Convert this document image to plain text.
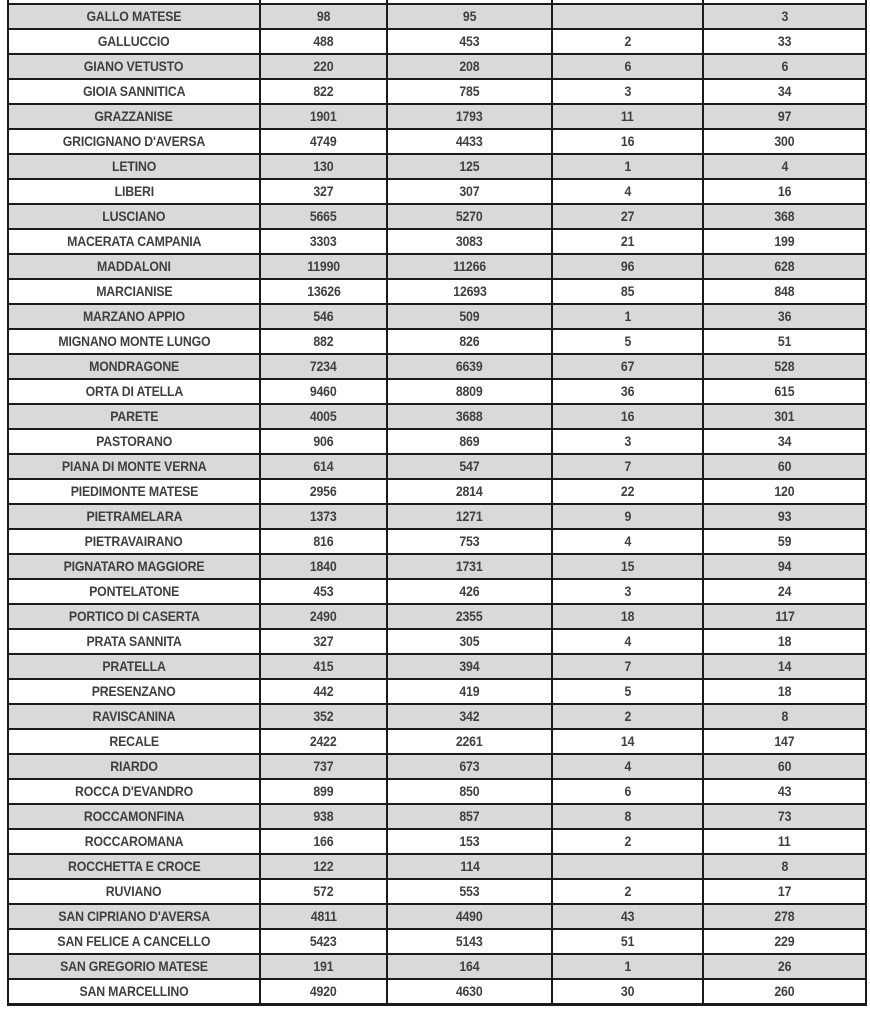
GALLO MATESE	98	95		3
GALLUCCIO	488	453	2	33
GIANO VETUSTO	220	208	6	6
GIOIA SANNITICA	822	785	3	34
GRAZZANISE	1901	1793	11	97
GRICIGNANO D'AVERSA	4749	4433	16	300
LETINO	130	125	1	4
LIBERI	327	307	4	16
LUSCIANO	5665	5270	27	368
MACERATA CAMPANIA	3303	3083	21	199
MADDALONI	11990	11266	96	628
MARCIANISE	13626	12693	85	848
MARZANO APPIO	546	509	1	36
MIGNANO MONTE LUNGO	882	826	5	51
MONDRAGONE	7234	6639	67	528
ORTA DI ATELLA	9460	8809	36	615
PARETE	4005	3688	16	301
PASTORANO	906	869	3	34
PIANA DI MONTE VERNA	614	547	7	60
PIEDIMONTE MATESE	2956	2814	22	120
PIETRAMELARA	1373	1271	9	93
PIETRAVAIRANO	816	753	4	59
PIGNATARO MAGGIORE	1840	1731	15	94
PONTELATONE	453	426	3	24
PORTICO DI CASERTA	2490	2355	18	117
PRATA SANNITA	327	305	4	18
PRATELLA	415	394	7	14
PRESENZANO	442	419	5	18
RAVISCANINA	352	342	2	8
RECALE	2422	2261	14	147
RIARDO	737	673	4	60
ROCCA D'EVANDRO	899	850	6	43
ROCCAMONFINA	938	857	8	73
ROCCAROMANA	166	153	2	11
ROCCHETTA E CROCE	122	114		8
RUVIANO	572	553	2	17
SAN CIPRIANO D'AVERSA	4811	4490	43	278
SAN FELICE A CANCELLO	5423	5143	51	229
SAN GREGORIO MATESE	191	164	1	26
SAN MARCELLINO	4920	4630	30	260
